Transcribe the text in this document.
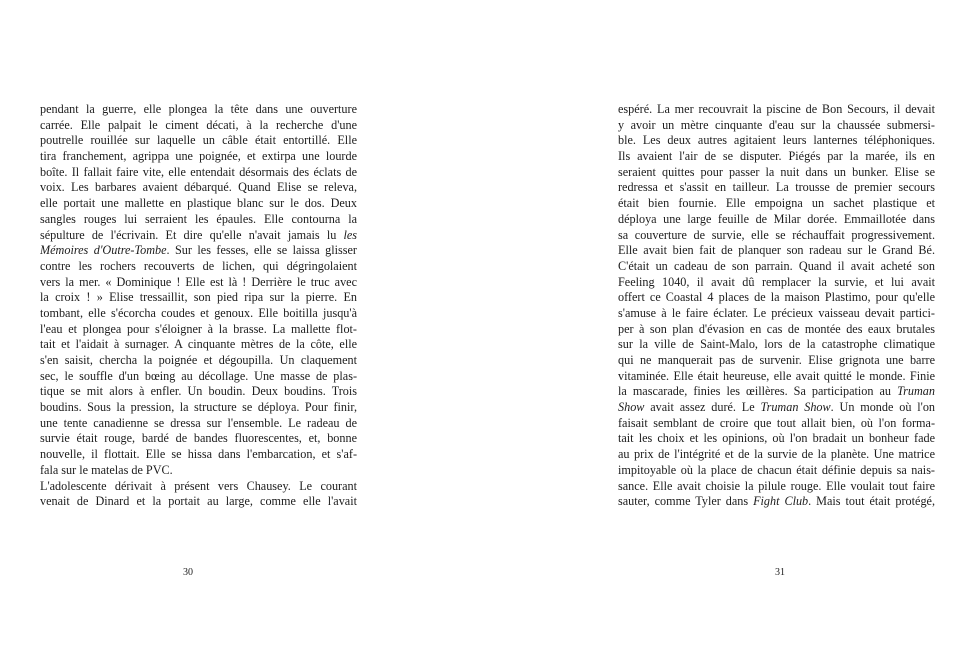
pendant la guerre, elle plongea la tête dans une ouverture
carrée. Elle palpait le ciment décati, à la recherche d'une
poutrelle rouillée sur laquelle un câble était entortillé. Elle
tira franchement, agrippa une poignée, et extirpa une lourde
boîte. Il fallait faire vite, elle entendait désormais des éclats de
voix. Les barbares avaient débarqué. Quand Elise se releva,
elle portait une mallette en plastique blanc sur le dos. Deux
sangles rouges lui serraient les épaules. Elle contourna la
sépulture de l'écrivain. Et dire qu'elle n'avait jamais lu les
Mémoires d'Outre-Tombe. Sur les fesses, elle se laissa glisser
contre les rochers recouverts de lichen, qui dégringolaient
vers la mer. « Dominique ! Elle est là ! Derrière le truc avec
la croix ! » Elise tressaillit, son pied ripa sur la pierre. En
tombant, elle s'écorcha coudes et genoux. Elle boitilla jusqu'à
l'eau et plongea pour s'éloigner à la brasse. La mallette flot-
tait et l'aidait à surnager. A cinquante mètres de la côte, elle
s'en saisit, chercha la poignée et dégoupilla. Un claquement
sec, le souffle d'un bœing au décollage. Une masse de plas-
tique se mit alors à enfler. Un boudin. Deux boudins. Trois
boudins. Sous la pression, la structure se déploya. Pour finir,
une tente canadienne se dressa sur l'ensemble. Le radeau de
survie était rouge, bardé de bandes fluorescentes, et, bonne
nouvelle, il flottait. Elle se hissa dans l'embarcation, et s'af-
fala sur le matelas de PVC.
L'adolescente dérivait à présent vers Chausey. Le courant
venait de Dinard et la portait au large, comme elle l'avait
espéré. La mer recouvrait la piscine de Bon Secours, il devait
y avoir un mètre cinquante d'eau sur la chaussée submersi-
ble. Les deux autres agitaient leurs lanternes téléphoniques.
Ils avaient l'air de se disputer. Piégés par la marée, ils en
seraient quittes pour passer la nuit dans un bunker. Elise se
redressa et s'assit en tailleur. La trousse de premier secours
était bien fournie. Elle empoigna un sachet plastique et
déploya une large feuille de Milar dorée. Emmaillotée dans
sa couverture de survie, elle se réchauffait progressivement.
Elle avait bien fait de planquer son radeau sur le Grand Bé.
C'était un cadeau de son parrain. Quand il avait acheté son
Feeling 1040, il avait dû remplacer la survie, et lui avait
offert ce Coastal 4 places de la maison Plastimo, pour qu'elle
s'amuse à le faire éclater. Le précieux vaisseau devait partici-
per à son plan d'évasion en cas de montée des eaux brutales
sur la ville de Saint-Malo, lors de la catastrophe climatique
qui ne manquerait pas de survenir. Elise grignota une barre
vitaminée. Elle était heureuse, elle avait quitté le monde. Finie
la mascarade, finies les œillères. Sa participation au Truman
Show avait assez duré. Le Truman Show. Un monde où l'on
faisait semblant de croire que tout allait bien, où l'on forma-
tait les choix et les opinions, où l'on bradait un bonheur fade
au prix de l'intégrité et de la survie de la planète. Une matrice
impitoyable où la place de chacun était définie depuis sa nais-
sance. Elle avait choisie la pilule rouge. Elle voulait tout faire
sauter, comme Tyler dans Fight Club. Mais tout était protégé,
30	31
